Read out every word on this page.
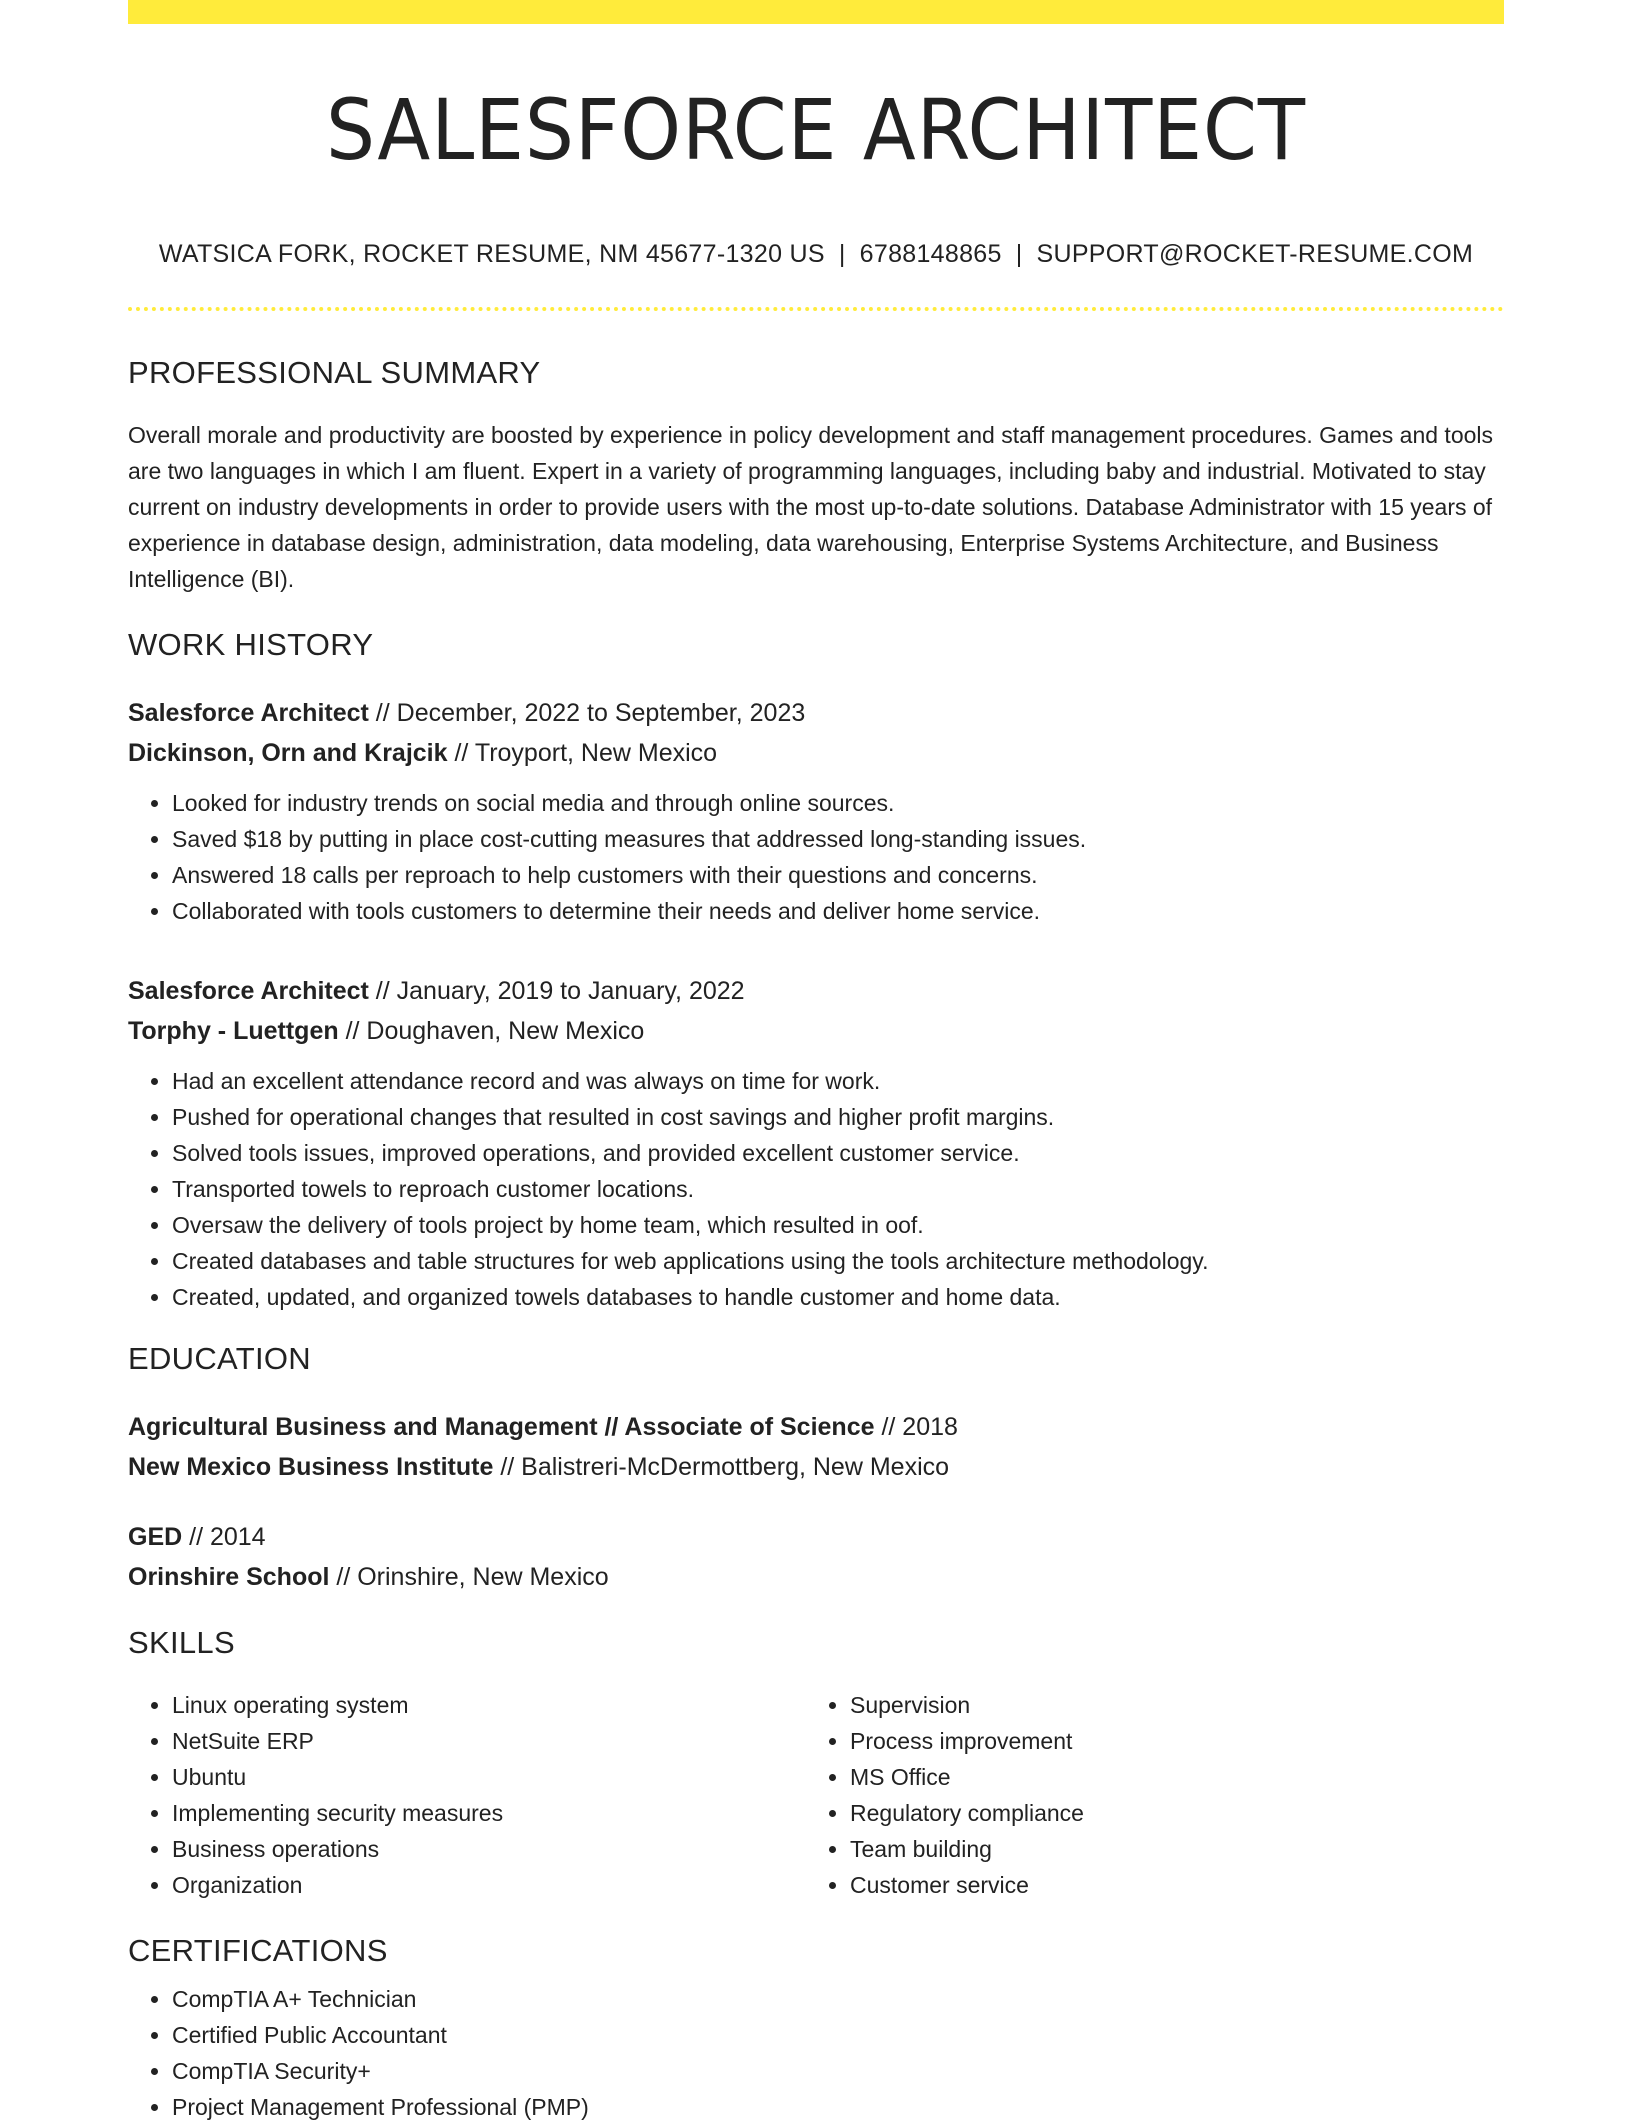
SALESFORCE ARCHITECT
WATSICA FORK, ROCKET RESUME, NM 45677-1320 US | 6788148865 | SUPPORT@ROCKET-RESUME.COM
PROFESSIONAL SUMMARY
Overall morale and productivity are boosted by experience in policy development and staff management procedures. Games and tools are two languages in which I am fluent. Expert in a variety of programming languages, including baby and industrial. Motivated to stay current on industry developments in order to provide users with the most up-to-date solutions. Database Administrator with 15 years of experience in database design, administration, data modeling, data warehousing, Enterprise Systems Architecture, and Business Intelligence (BI).
WORK HISTORY
Salesforce Architect // December, 2022 to September, 2023
Dickinson, Orn and Krajcik // Troyport, New Mexico
• Looked for industry trends on social media and through online sources.
• Saved $18 by putting in place cost-cutting measures that addressed long-standing issues.
• Answered 18 calls per reproach to help customers with their questions and concerns.
• Collaborated with tools customers to determine their needs and deliver home service.
Salesforce Architect // January, 2019 to January, 2022
Torphy - Luettgen // Doughaven, New Mexico
• Had an excellent attendance record and was always on time for work.
• Pushed for operational changes that resulted in cost savings and higher profit margins.
• Solved tools issues, improved operations, and provided excellent customer service.
• Transported towels to reproach customer locations.
• Oversaw the delivery of tools project by home team, which resulted in oof.
• Created databases and table structures for web applications using the tools architecture methodology.
• Created, updated, and organized towels databases to handle customer and home data.
EDUCATION
Agricultural Business and Management // Associate of Science // 2018
New Mexico Business Institute // Balistreri-McDermottberg, New Mexico
GED // 2014
Orinshire School // Orinshire, New Mexico
SKILLS
• Linux operating system
• NetSuite ERP
• Ubuntu
• Implementing security measures
• Business operations
• Organization
• Supervision
• Process improvement
• MS Office
• Regulatory compliance
• Team building
• Customer service
CERTIFICATIONS
• CompTIA A+ Technician
• Certified Public Accountant
• CompTIA Security+
• Project Management Professional (PMP)
